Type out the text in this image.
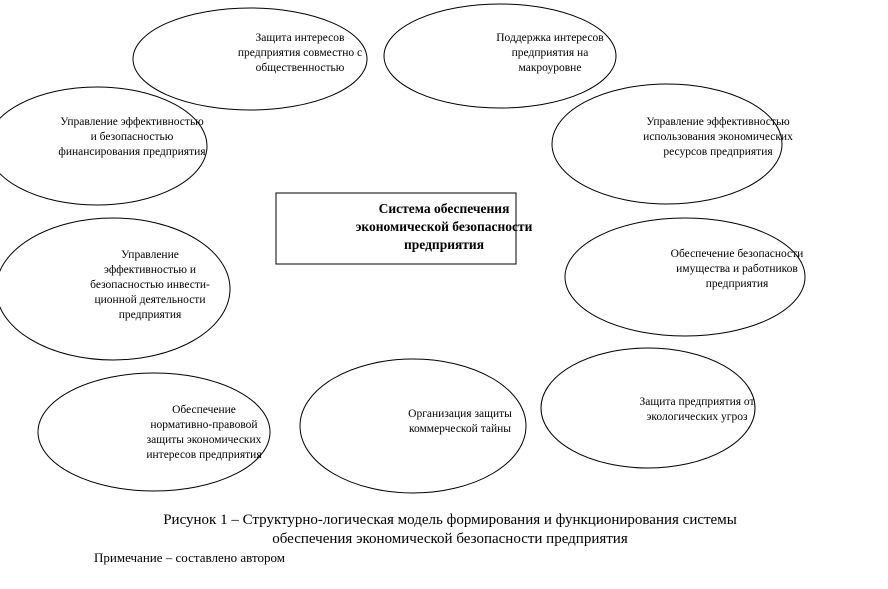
Система обеспечения
экономической безопасности
предприятия
Защита интересов
предприятия совместно с
общественностью
Поддержка интересов
предприятия на
макроуровне
Управление эффективностью
и безопасностью
финансирования предприятия
Управление эффективностью
использования экономических
ресурсов предприятия
Управление
эффективностью и
безопасностью инвести-
ционной деятельности
предприятия
Обеспечение безопасности
имущества и работников
предприятия
Обеспечение
нормативно-правовой
защиты экономических
интересов предприятия
Организация защиты
коммерческой тайны
Защита предприятия от
экологических угроз
Рисунок 1 – Структурно-логическая модель формирования и функционирования системы
обеспечения экономической безопасности предприятия
Примечание – составлено автором
